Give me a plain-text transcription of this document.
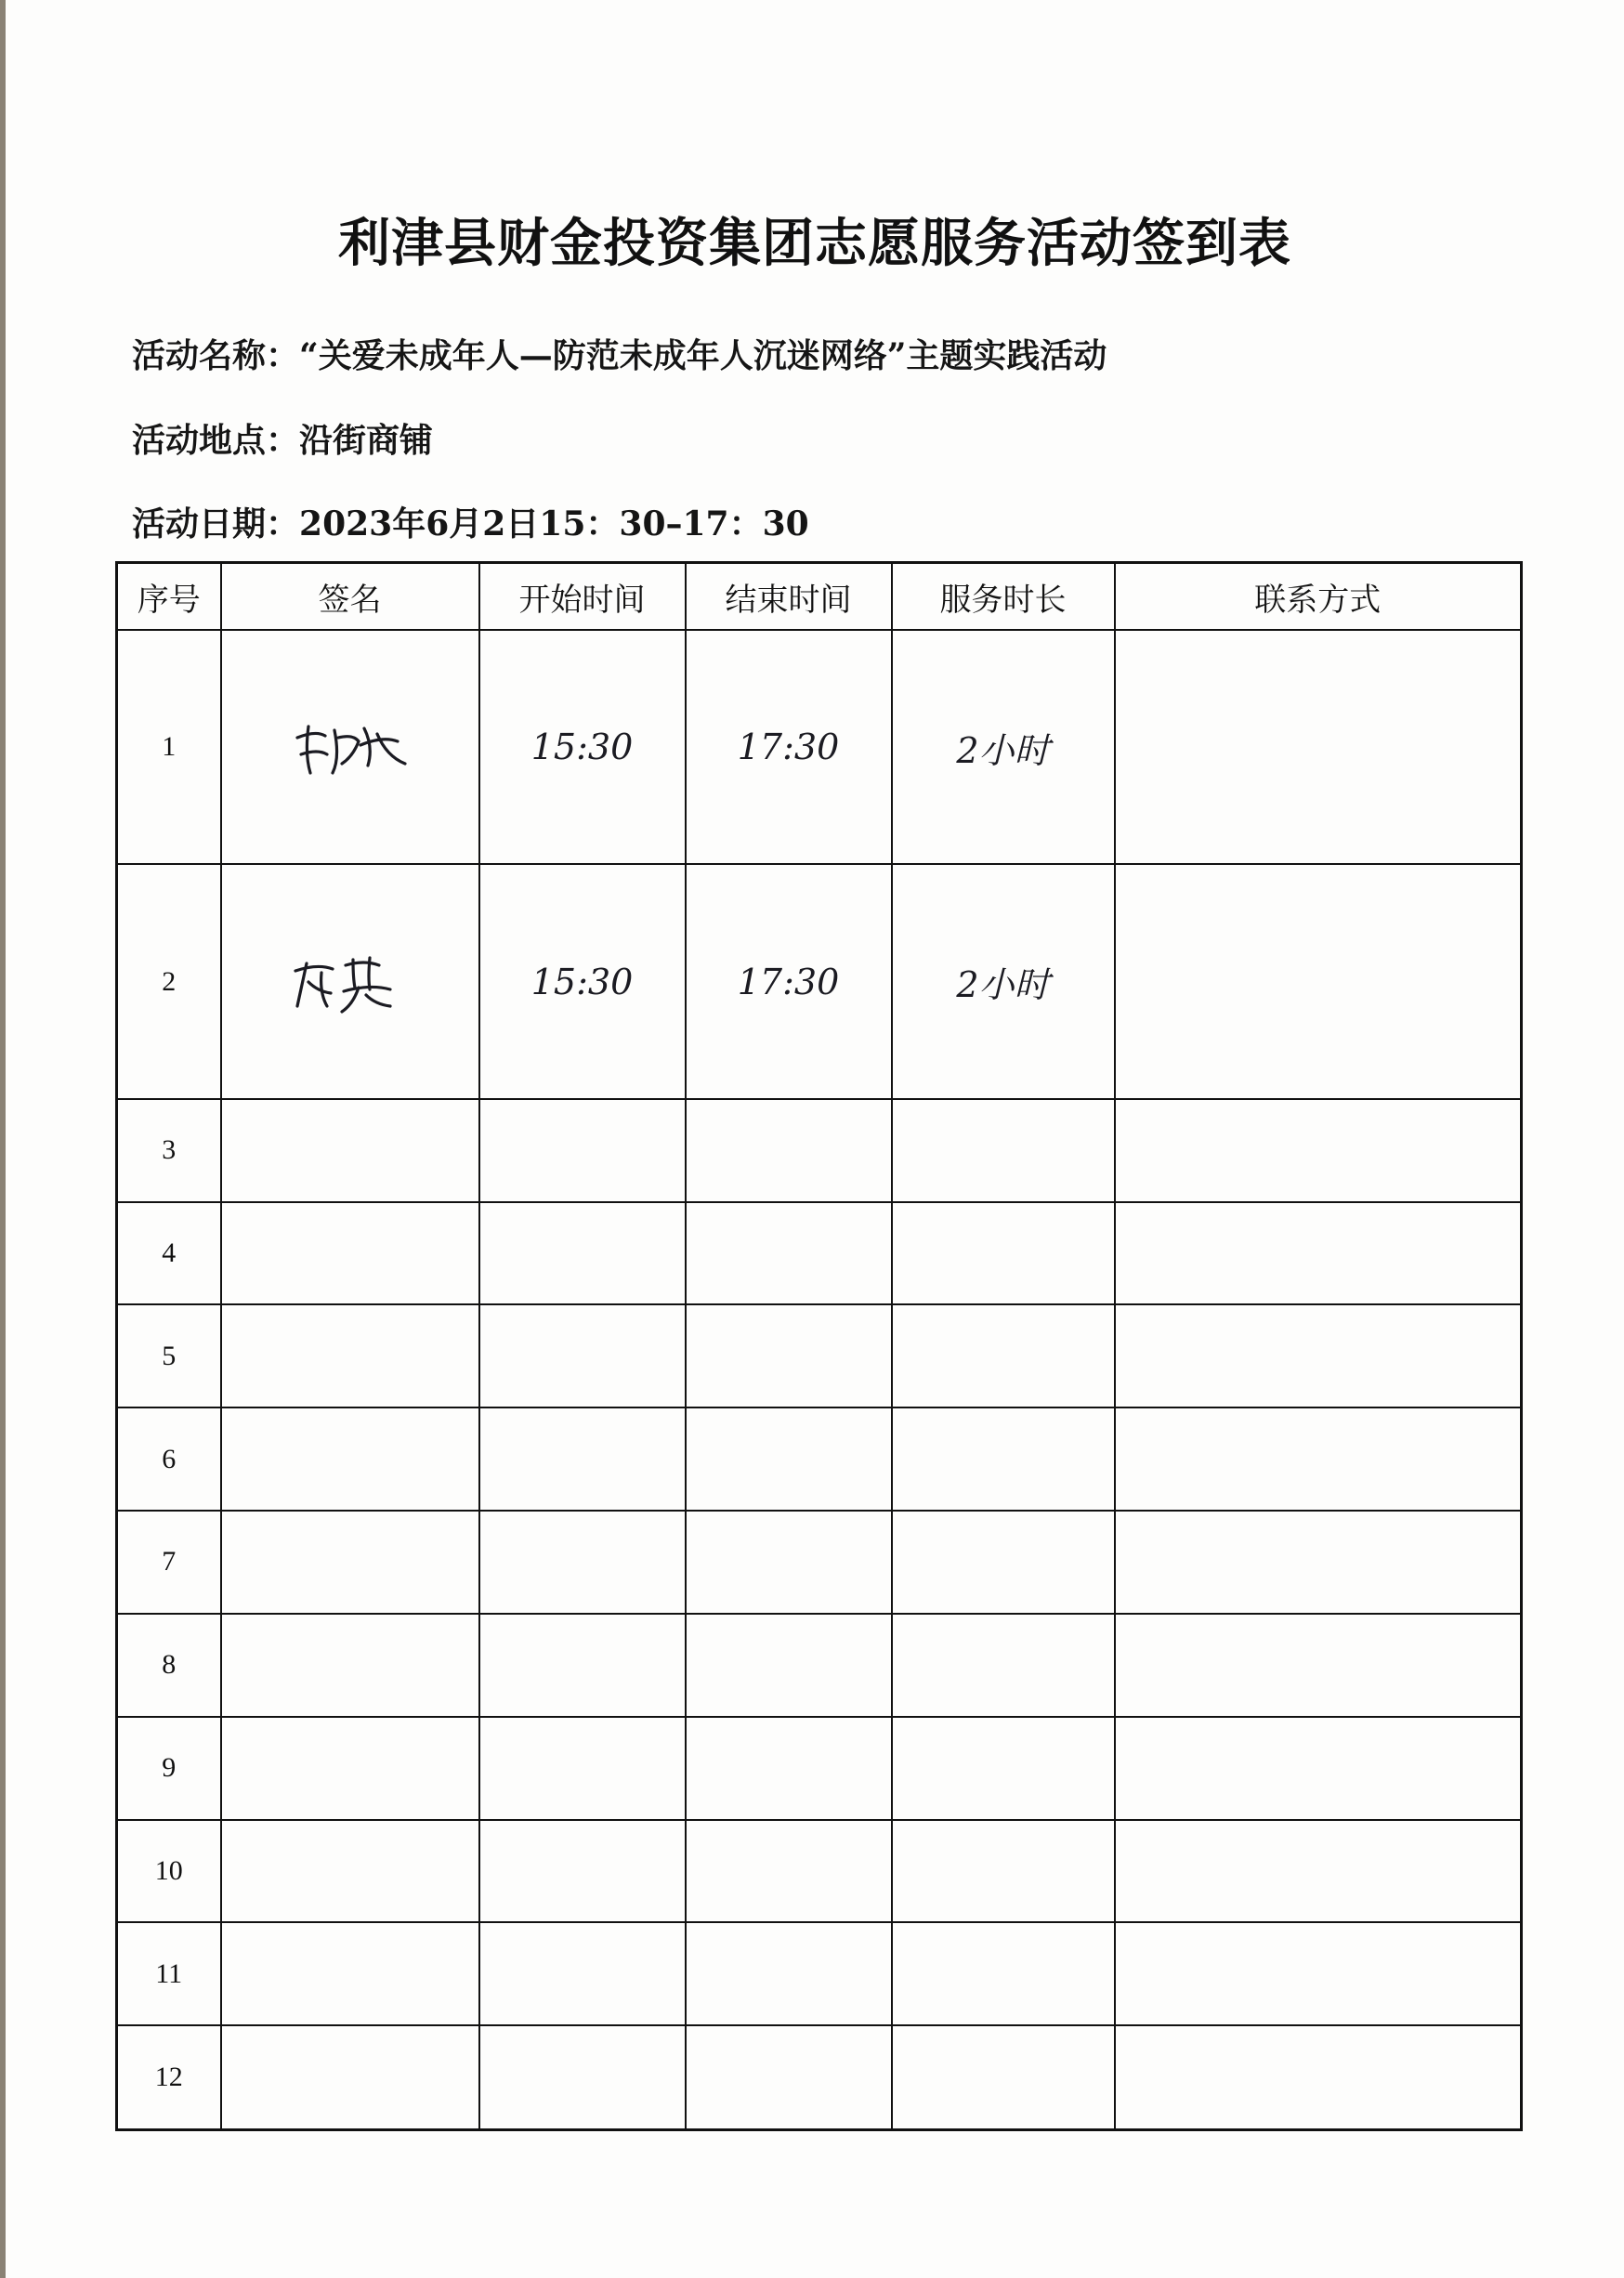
利津县财金投资集团志愿服务活动签到表
活动名称：“关爱未成年人—防范未成年人沉迷网络”主题实践活动
活动地点：沿街商铺
活动日期：2023年6月2日15：30–17：30
序号	签名	开始时间	结束时间	服务时长	联系方式
1		15:30	17:30	2小时	
2		15:30	17:30	2小时	
3					
4					
5					
6					
7					
8					
9					
10					
11					
12					
